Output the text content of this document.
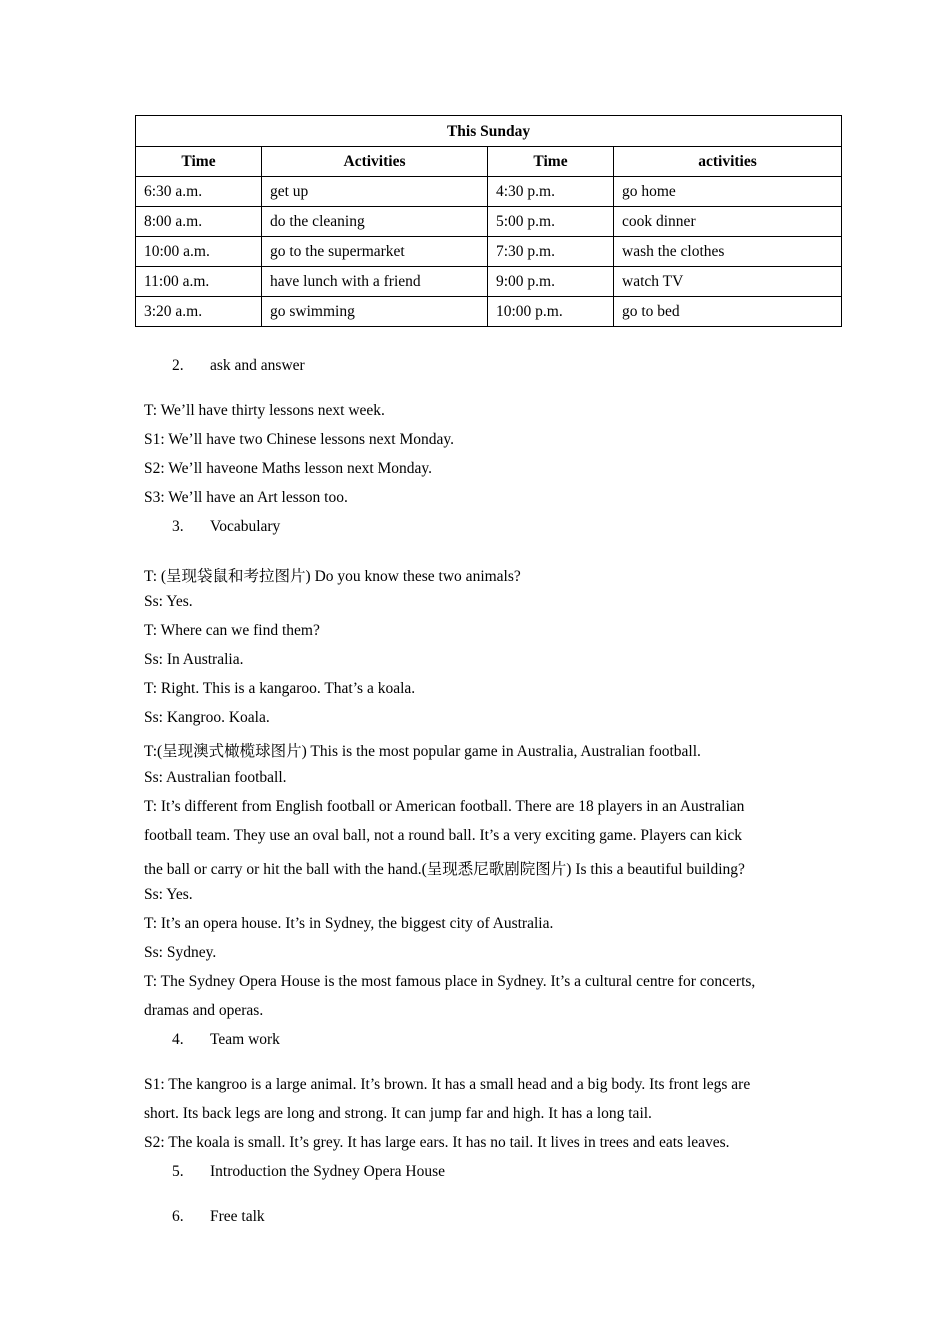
This Sunday			
Time	Activities	Time	activities
6:30 a.m.	get up	4:30 p.m.	go home
8:00 a.m.	do the cleaning	5:00 p.m.	cook dinner
10:00 a.m.	go to the supermarket	7:30 p.m.	wash the clothes
11:00 a.m.	have lunch with a friend	9:00 p.m.	watch TV
3:20 a.m.	go swimming	10:00 p.m.	go to bed
2. ask and answer
T: We’ll have thirty lessons next week.
S1: We’ll have two Chinese lessons next Monday.
S2: We’ll haveone Maths lesson next Monday.
S3: We’ll have an Art lesson too.
3. Vocabulary
T: (呈现袋鼠和考拉图片) Do you know these two animals?
Ss: Yes.
T: Where can we find them?
Ss: In Australia.
T: Right. This is a kangaroo. That’s a koala.
Ss: Kangroo. Koala.
T:(呈现澳式橄榄球图片) This is the most popular game in Australia, Australian football.
Ss: Australian football.
T: It’s different from English football or American football. There are 18 players in an Australian
football team. They use an oval ball, not a round ball. It’s a very exciting game. Players can kick
the ball or carry or hit the ball with the hand.(呈现悉尼歌剧院图片) Is this a beautiful building?
Ss: Yes.
T: It’s an opera house. It’s in Sydney, the biggest city of Australia.
Ss: Sydney.
T: The Sydney Opera House is the most famous place in Sydney. It’s a cultural centre for concerts,
dramas and operas.
4. Team work
S1: The kangroo is a large animal. It’s brown. It has a small head and a big body. Its front legs are
short. Its back legs are long and strong. It can jump far and high. It has a long tail.
S2: The koala is small. It’s grey. It has large ears. It has no tail. It lives in trees and eats leaves.
5. Introduction the Sydney Opera House
6. Free talk
